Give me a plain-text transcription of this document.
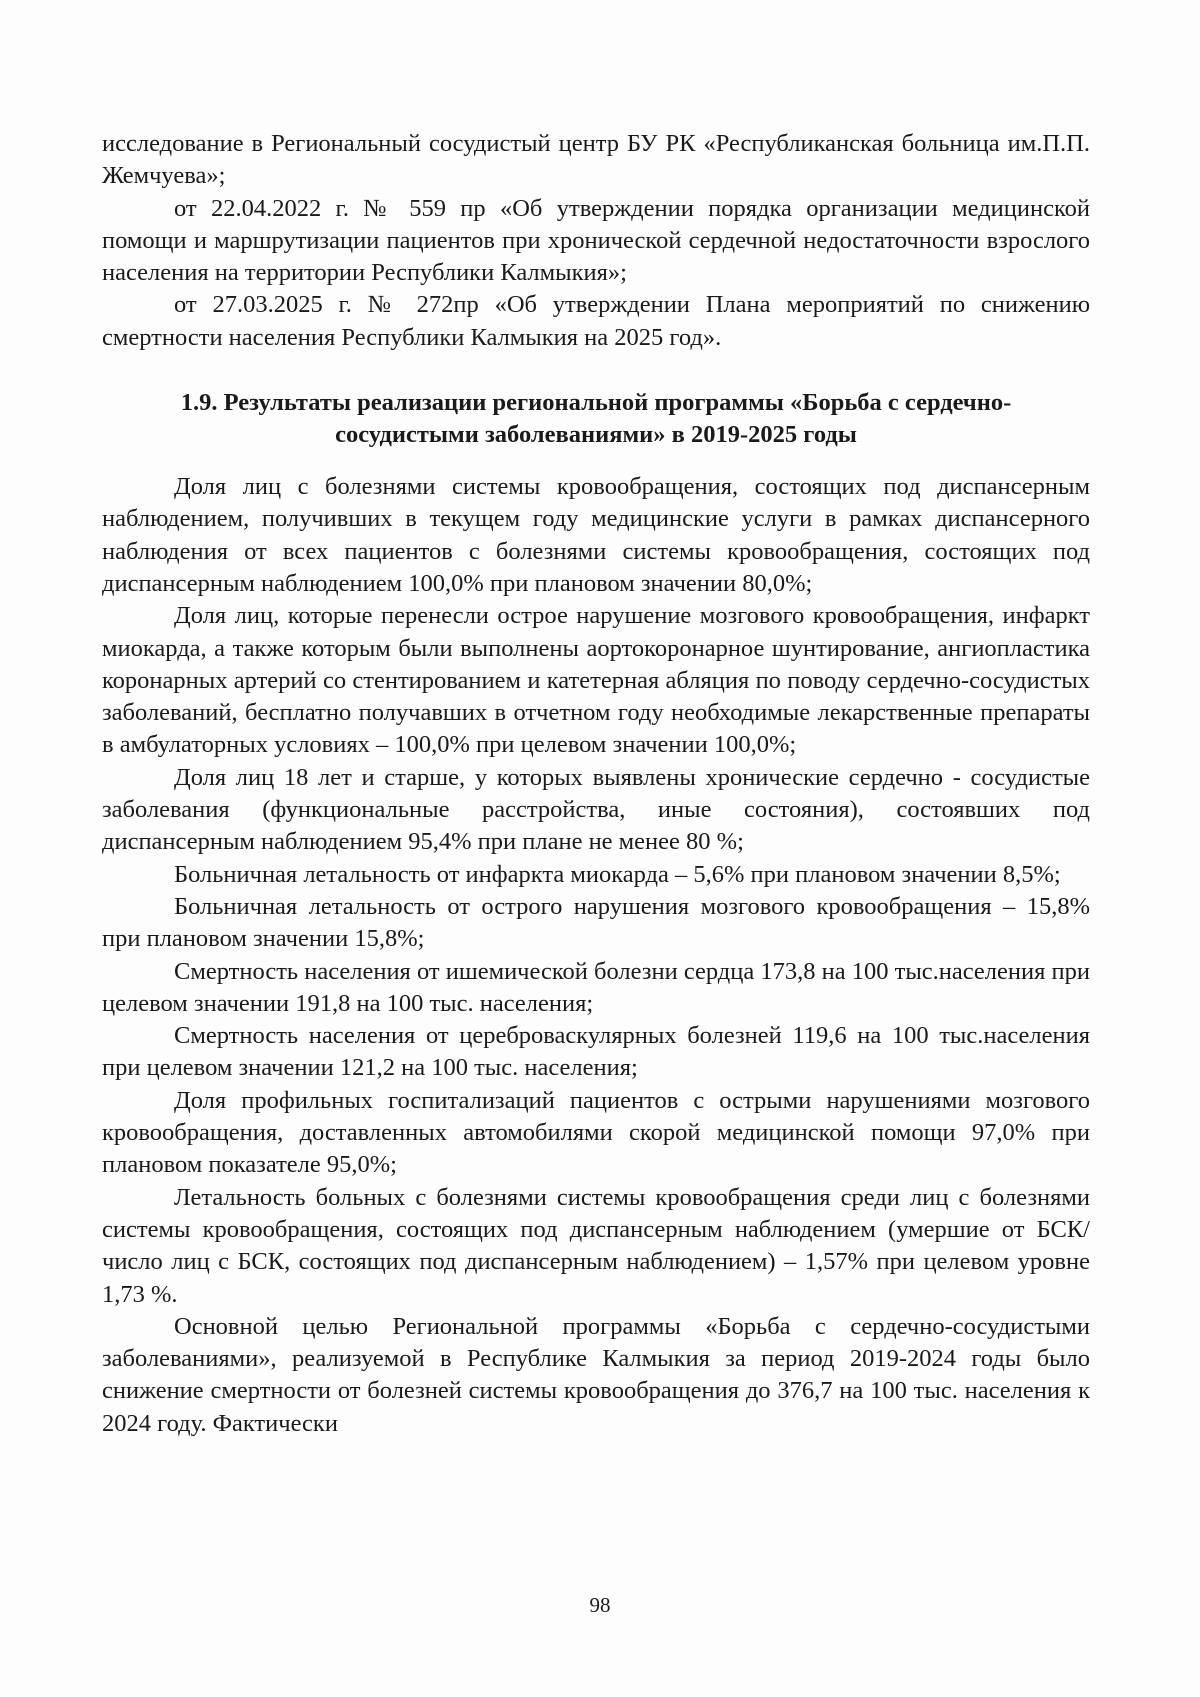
исследование в Региональный сосудистый центр БУ РК «Республиканская больница им.П.П. Жемчуева»;

от 22.04.2022 г. № 559 пр «Об утверждении порядка организации медицинской помощи и маршрутизации пациентов при хронической сердечной недостаточности взрослого населения на территории Республики Калмыкия»;

от 27.03.2025 г. № 272пр «Об утверждении Плана мероприятий по снижению смертности населения Республики Калмыкия на 2025 год».

1.9. Результаты реализации региональной программы «Борьба с сердечно-сосудистыми заболеваниями» в 2019-2025 годы

Доля лиц с болезнями системы кровообращения, состоящих под диспансерным наблюдением, получивших в текущем году медицинские услуги в рамках диспансерного наблюдения от всех пациентов с болезнями системы кровообращения, состоящих под диспансерным наблюдением 100,0% при плановом значении 80,0%;

Доля лиц, которые перенесли острое нарушение мозгового кровообращения, инфаркт миокарда, а также которым были выполнены аортокоронарное шунтирование, ангиопластика коронарных артерий со стентированием и катетерная абляция по поводу сердечно-сосудистых заболеваний, бесплатно получавших в отчетном году необходимые лекарственные препараты в амбулаторных условиях – 100,0% при целевом значении 100,0%;

Доля лиц 18 лет и старше, у которых выявлены хронические сердечно - сосудистые заболевания (функциональные расстройства, иные состояния), состоявших под диспансерным наблюдением 95,4% при плане не менее 80 %;

Больничная летальность от инфаркта миокарда – 5,6% при плановом значении 8,5%;

Больничная летальность от острого нарушения мозгового кровообращения – 15,8% при плановом значении 15,8%;

Смертность населения от ишемической болезни сердца 173,8 на 100 тыс.населения при целевом значении 191,8 на 100 тыс. населения;

Смертность населения от цереброваскулярных болезней 119,6 на 100 тыс.населения при целевом значении 121,2 на 100 тыс. населения;

Доля профильных госпитализаций пациентов с острыми нарушениями мозгового кровообращения, доставленных автомобилями скорой медицинской помощи 97,0% при плановом показателе 95,0%;

Летальность больных с болезнями системы кровообращения среди лиц с болезнями системы кровообращения, состоящих под диспансерным наблюдением (умершие от БСК/ число лиц с БСК, состоящих под диспансерным наблюдением) – 1,57% при целевом уровне 1,73 %.

Основной целью Региональной программы «Борьба с сердечно-сосудистыми заболеваниями», реализуемой в Республике Калмыкия за период 2019-2024 годы было снижение смертности от болезней системы кровообращения до 376,7 на 100 тыс. населения к 2024 году. Фактически

98
